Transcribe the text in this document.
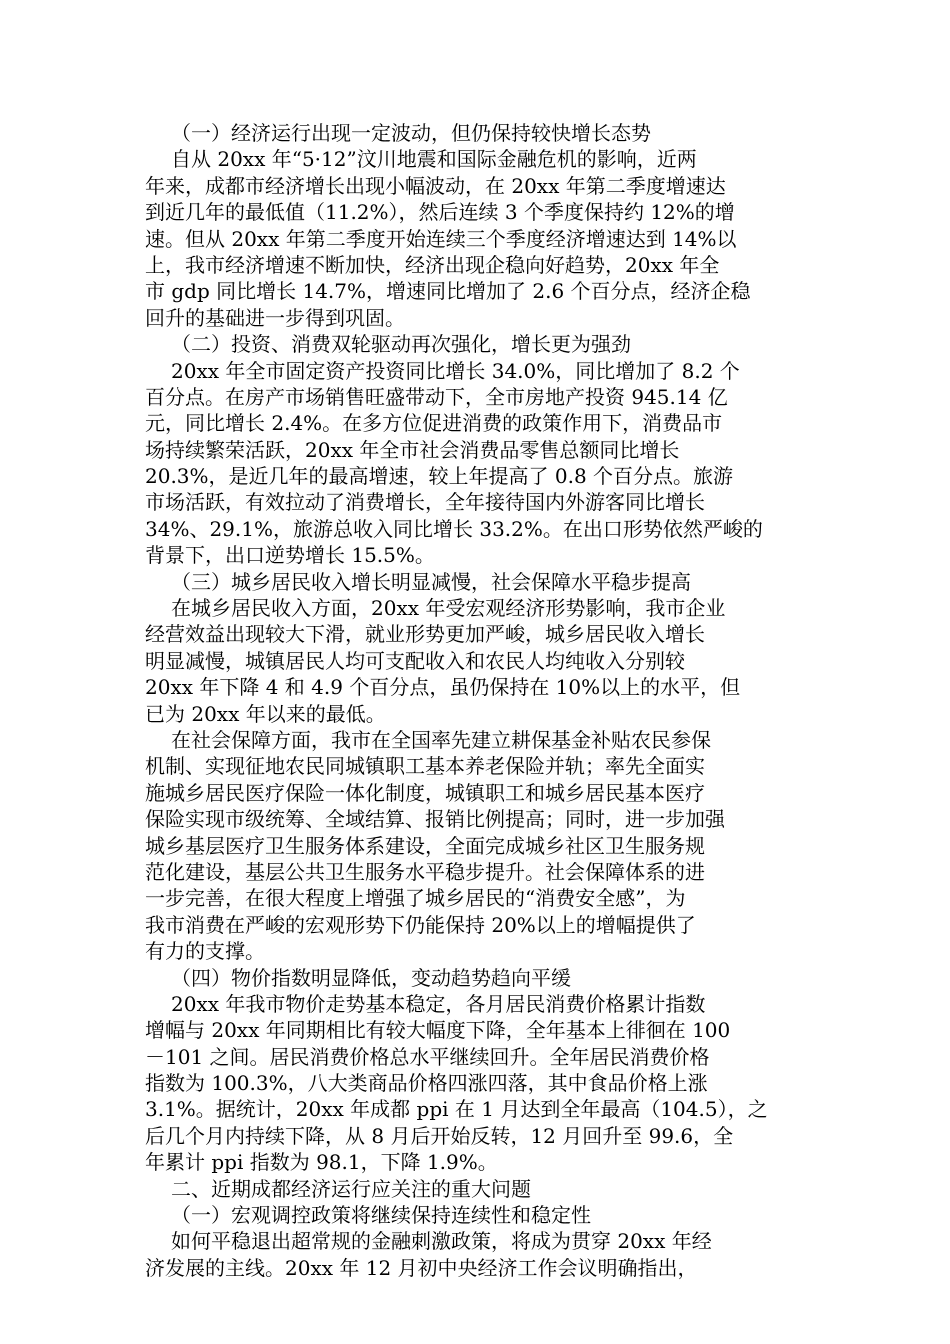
（一）经济运行出现一定波动，但仍保持较快增长态势
自从 20xx 年“5·12”汶川地震和国际金融危机的影响，近两
年来，成都市经济增长出现小幅波动，在 20xx 年第二季度增速达
到近几年的最低值（11.2%），然后连续 3 个季度保持约 12%的增
速。但从 20xx 年第二季度开始连续三个季度经济增速达到 14%以
上，我市经济增速不断加快，经济出现企稳向好趋势，20xx 年全
市 gdp 同比增长 14.7%，增速同比增加了 2.6 个百分点，经济企稳
回升的基础进一步得到巩固。
（二）投资、消费双轮驱动再次强化，增长更为强劲
20xx 年全市固定资产投资同比增长 34.0%，同比增加了 8.2 个
百分点。在房产市场销售旺盛带动下，全市房地产投资 945.14 亿
元，同比增长 2.4%。在多方位促进消费的政策作用下，消费品市
场持续繁荣活跃，20xx 年全市社会消费品零售总额同比增长
20.3%，是近几年的最高增速，较上年提高了 0.8 个百分点。旅游
市场活跃，有效拉动了消费增长，全年接待国内外游客同比增长
34%、29.1%，旅游总收入同比增长 33.2%。在出口形势依然严峻的
背景下，出口逆势增长 15.5%。
（三）城乡居民收入增长明显减慢，社会保障水平稳步提高
在城乡居民收入方面，20xx 年受宏观经济形势影响，我市企业
经营效益出现较大下滑，就业形势更加严峻，城乡居民收入增长
明显减慢，城镇居民人均可支配收入和农民人均纯收入分别较
20xx 年下降 4 和 4.9 个百分点，虽仍保持在 10%以上的水平，但
已为 20xx 年以来的最低。
在社会保障方面，我市在全国率先建立耕保基金补贴农民参保
机制、实现征地农民同城镇职工基本养老保险并轨；率先全面实
施城乡居民医疗保险一体化制度，城镇职工和城乡居民基本医疗
保险实现市级统筹、全域结算、报销比例提高；同时，进一步加强
城乡基层医疗卫生服务体系建设，全面完成城乡社区卫生服务规
范化建设，基层公共卫生服务水平稳步提升。社会保障体系的进
一步完善，在很大程度上增强了城乡居民的“消费安全感”，为
我市消费在严峻的宏观形势下仍能保持 20%以上的增幅提供了
有力的支撑。
（四）物价指数明显降低，变动趋势趋向平缓
20xx 年我市物价走势基本稳定，各月居民消费价格累计指数
增幅与 20xx 年同期相比有较大幅度下降，全年基本上徘徊在 100
－101 之间。居民消费价格总水平继续回升。全年居民消费价格
指数为 100.3%，八大类商品价格四涨四落，其中食品价格上涨
3.1%。据统计，20xx 年成都 ppi 在 1 月达到全年最高（104.5），之
后几个月内持续下降，从 8 月后开始反转，12 月回升至 99.6，全
年累计 ppi 指数为 98.1，下降 1.9%。
二、近期成都经济运行应关注的重大问题
（一）宏观调控政策将继续保持连续性和稳定性
如何平稳退出超常规的金融刺激政策，将成为贯穿 20xx 年经
济发展的主线。20xx 年 12 月初中央经济工作会议明确指出，
